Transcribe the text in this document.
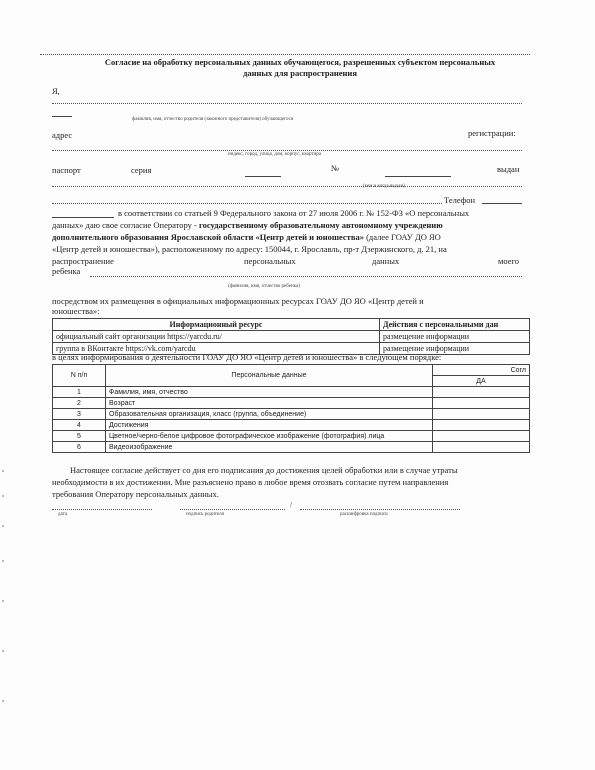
Согласие на обработку персональных данных обучающегося, разрешенных субъектом персональных
данных для распространения
Я,
фамилия, имя, отчество родителя (законного представителя) обучающегося
адрес	регистрации:
индекс, город, улица, дом, корпус, квартира
паспорт	серия	№	выдан
(кем и когда выдан)
Телефон
в соответствии со статьей 9 Федерального закона от 27 июля 2006 г. № 152-ФЗ «О персональных
данных» даю свое согласие Оператору - государственному образовательному автономному учреждению
дополнительного образования Ярославской области «Центр детей и юношества» (далее ГОАУ ДО ЯО
«Центр детей и юношества»), расположенному по адресу: 150044, г. Ярославль, пр-т Дзержинского, д. 21, на
распространение	персональных	данных	моего
ребенка
(фамилия, имя, отчество ребенка)
посредством их размещения в официальных информационных ресурсах ГОАУ ДО ЯО «Центр детей и
юношества»:
Информационный ресурс	Действия с персональными дан
официальный сайт организации https://yarcdu.ru/	размещение информации
группа в ВКонтакте https://vk.com/yarcdu	размещение информации
в целях информирования о деятельности ГОАУ ДО ЯО «Центр детей и юношества» в следующем порядке:
N п/п	Персональные данные	Согл
		ДА
1	Фамилия, имя, отчество	
2	Возраст	
3	Образовательная организация, класс (группа, объединение)	
4	Достижения	
5	Цветное/черно-белое цифровое фотографическое изображение (фотография) лица	
6	Видеоизображение	
Настоящее согласие действует со дня его подписания до достижения целей обработки или в случае утраты
необходимости в их достижении. Мне разъяснено право в любое время отозвать согласие путем направления
требования Оператору персональных данных.
/
дата	подпись родителя	расшифровка подписи
